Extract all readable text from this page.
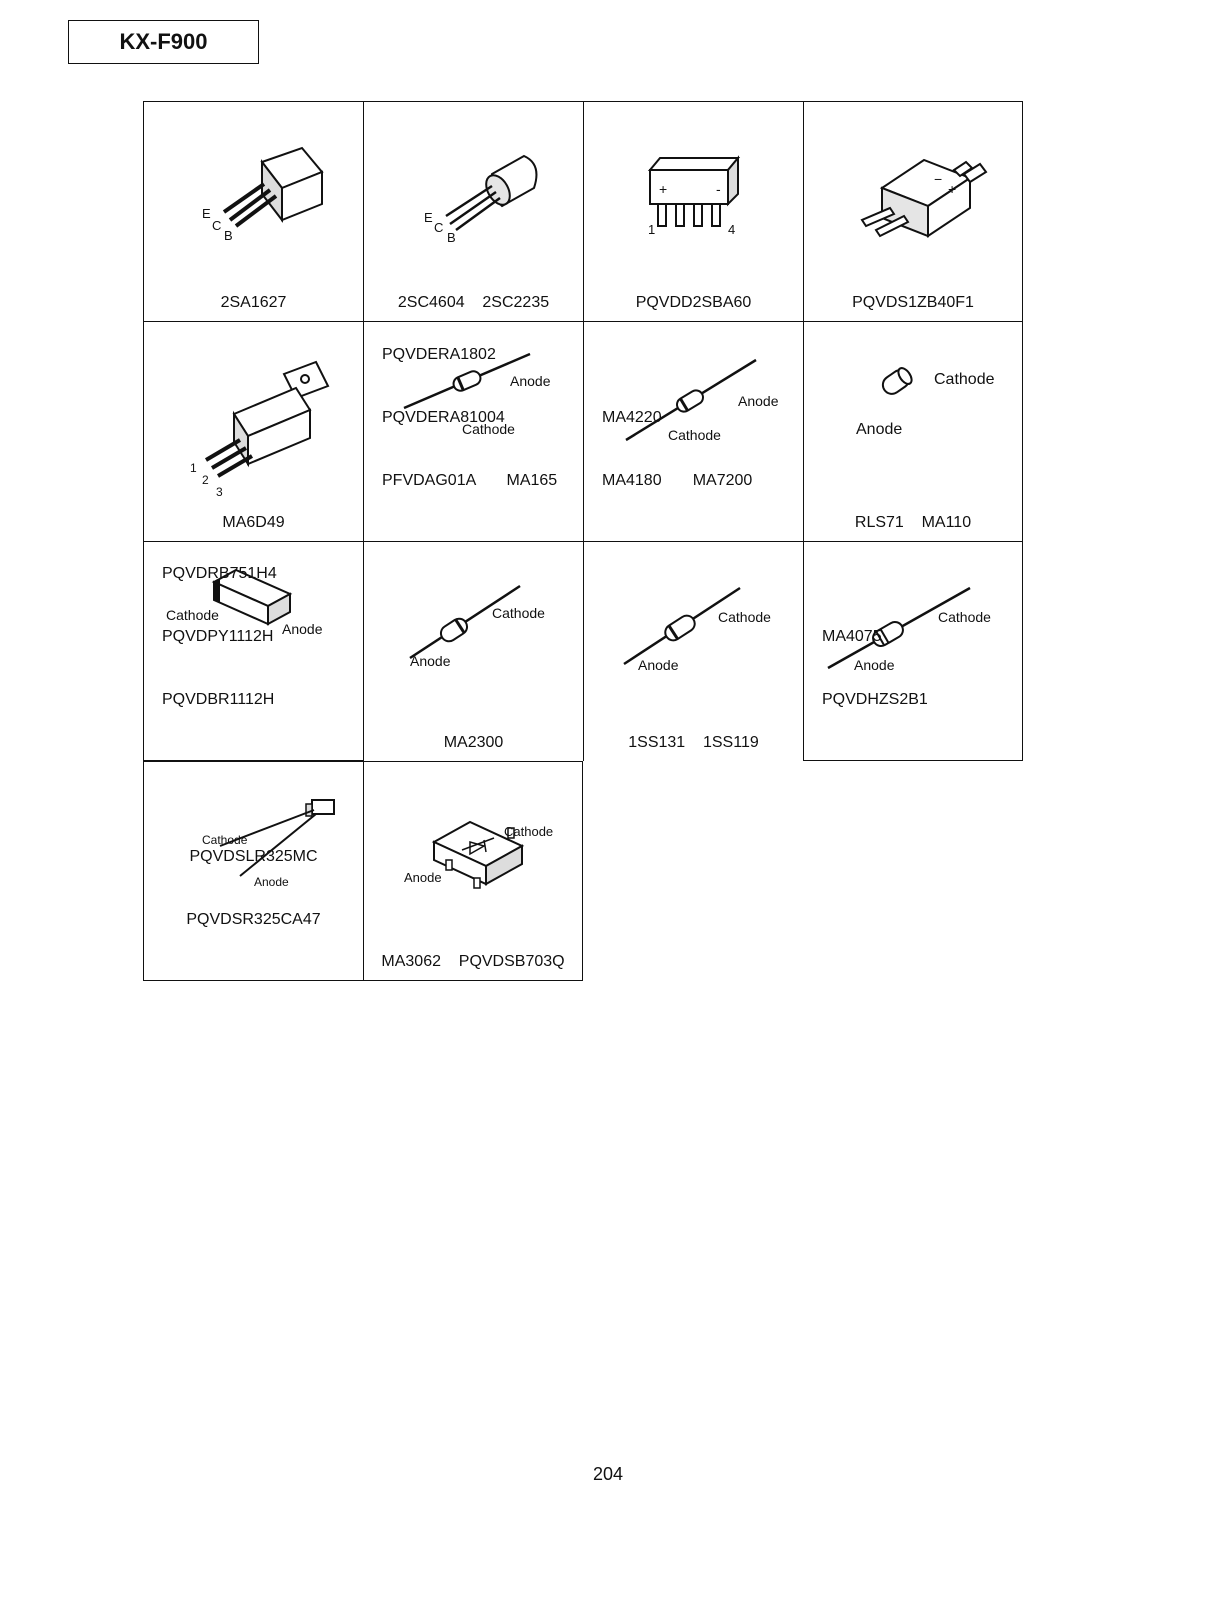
KX-F900
E
C
B
2SA1627
E
C
B
2SC4604    2SC2235
+	-
1	4
PQVDD2SBA60
−
+
PQVDS1ZB40F1
1
2
3
MA6D49
Anode
Cathode

PQVDERA1802

PQVDERA81004

PFVDAG01A       MA165

Anode
Cathode

MA4220

MA4180       MA7200

Cathode
Anode
RLS71    MA110
Cathode
Anode

PQVDRB751H4

PQVDPY1112H

PQVDBR1112H

Cathode
Anode
MA2300
Cathode
Anode
1SS131    1SS119
Cathode
Anode

MA4075

PQVDHZS2B1

Cathode
Anode

PQVDSLR325MC

PQVDSR325CA47

Cathode
Anode
MA3062    PQVDSB703Q
204
